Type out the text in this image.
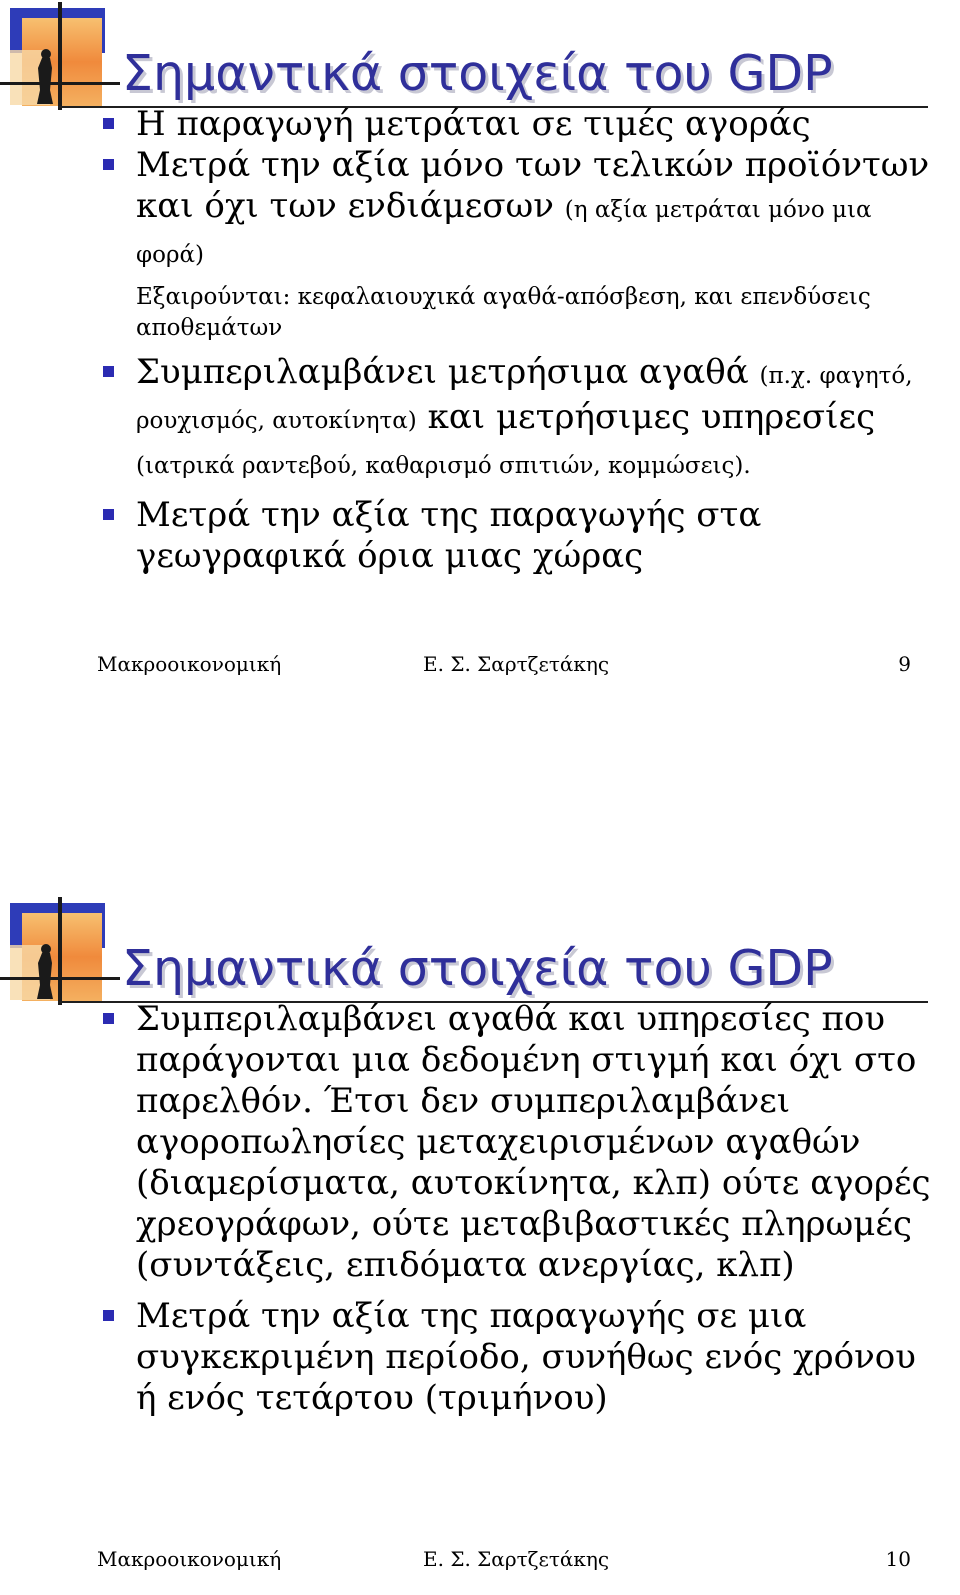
Σημαντικά στοιχεία του GDP
Η παραγωγή μετράται σε τιμές αγοράς
Μετρά την αξία μόνο των τελικών προϊόντων και όχι των ενδιάμεσων (η αξία μετράται μόνο μια φορά)
Εξαιρούνται: κεφαλαιουχικά αγαθά-απόσβεση, και επενδύσεις αποθεμάτων
Συμπεριλαμβάνει μετρήσιμα αγαθά (π.χ. φαγητό, ρουχισμός, αυτοκίνητα) και μετρήσιμες υπηρεσίες (ιατρικά ραντεβού, καθαρισμό σπιτιών, κομμώσεις).
Μετρά την αξία της παραγωγής στα γεωγραφικά όρια μιας χώρας
Μακροοικονομική	Ε. Σ. Σαρτζετάκης	9
Σημαντικά στοιχεία του GDP
Συμπεριλαμβάνει αγαθά και υπηρεσίες που παράγονται μια δεδομένη στιγμή και όχι στο παρελθόν. Έτσι δεν συμπεριλαμβάνει αγοροπωλησίες μεταχειρισμένων αγαθών (διαμερίσματα, αυτοκίνητα, κλπ) ούτε αγορές χρεογράφων, ούτε μεταβιβαστικές πληρωμές (συντάξεις, επιδόματα ανεργίας, κλπ)
Μετρά την αξία της παραγωγής σε μια συγκεκριμένη περίοδο, συνήθως ενός χρόνου ή ενός τετάρτου (τριμήνου)
Μακροοικονομική	Ε. Σ. Σαρτζετάκης	10
